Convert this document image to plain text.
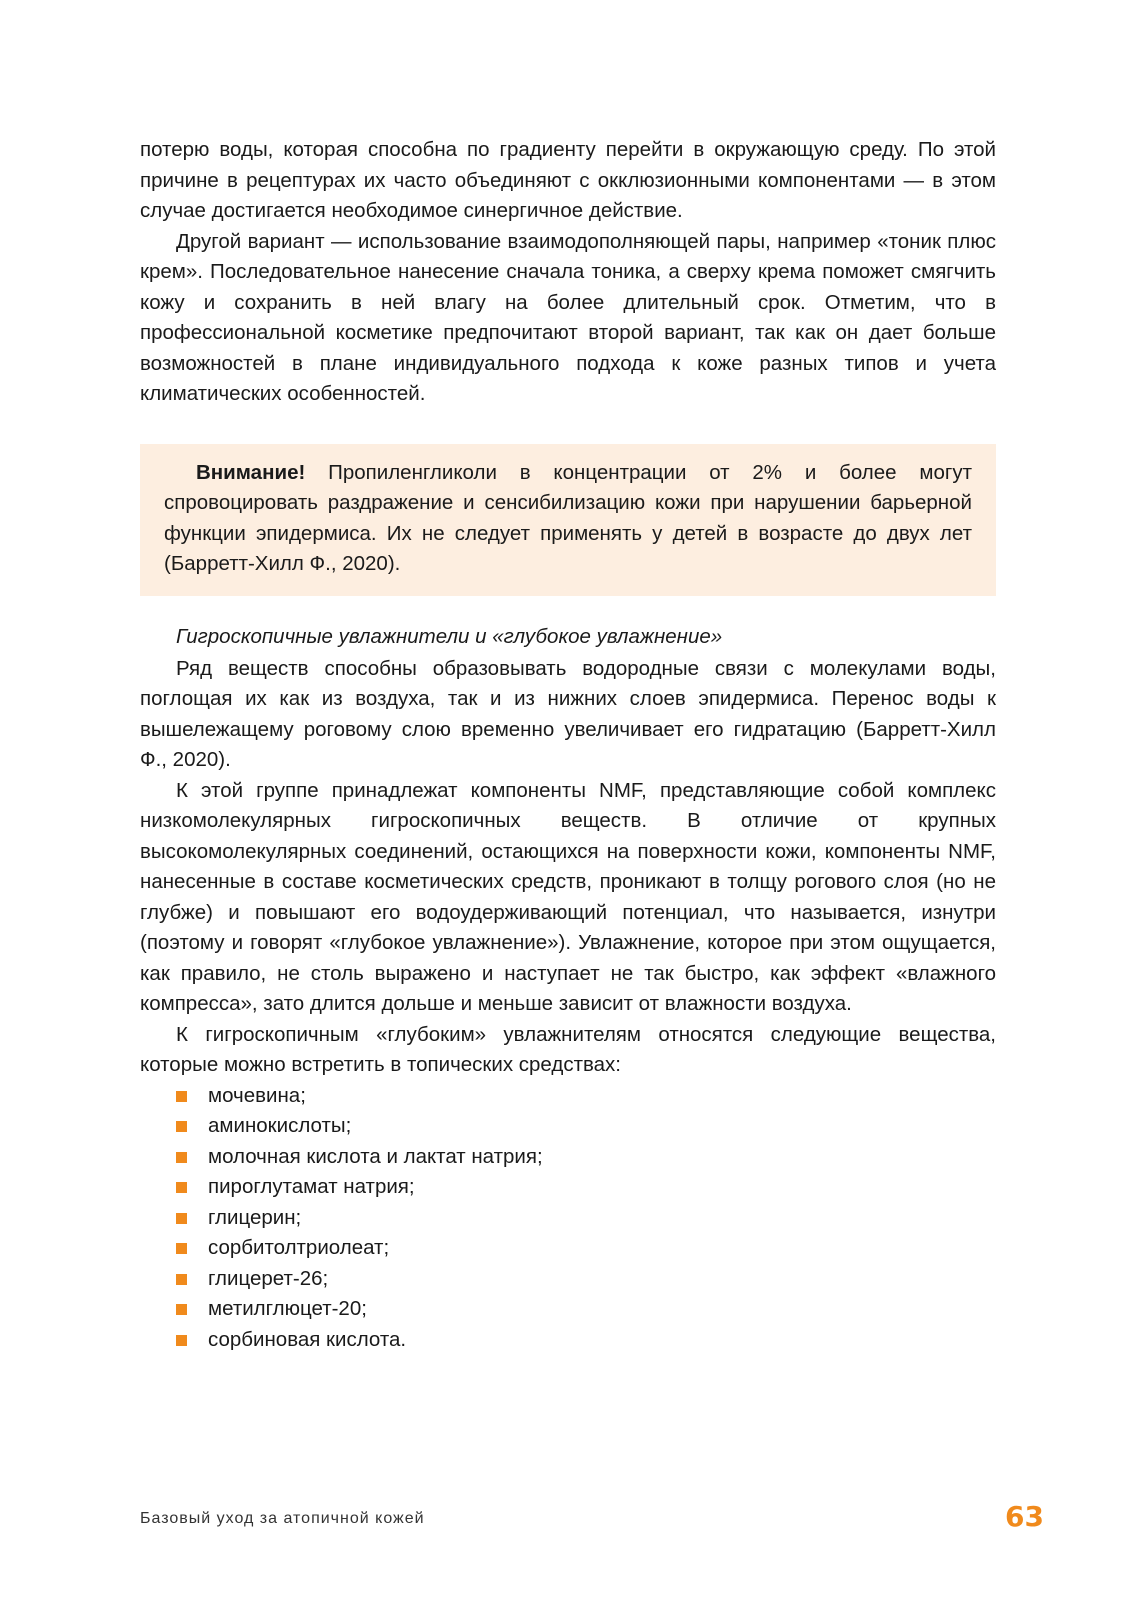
потерю воды, которая способна по градиенту перейти в окружающую среду. По этой причине в рецептурах их часто объединяют с окклюзионными компонентами — в этом случае достигается необходимое синергичное действие.

Другой вариант — использование взаимодополняющей пары, например «тоник плюс крем». Последовательное нанесение сначала тоника, а сверху крема поможет смягчить кожу и сохранить в ней влагу на более длительный срок. Отметим, что в профессиональной косметике предпочитают второй вариант, так как он дает больше возможностей в плане индивидуального подхода к коже разных типов и учета климатических особенностей.

Внимание! Пропиленгликоли в концентрации от 2% и более могут спровоцировать раздражение и сенсибилизацию кожи при нарушении барьерной функции эпидермиса. Их не следует применять у детей в возрасте до двух лет (Барретт-Хилл Ф., 2020).

Гигроскопичные увлажнители и «глубокое увлажнение»

Ряд веществ способны образовывать водородные связи с молекулами воды, поглощая их как из воздуха, так и из нижних слоев эпидермиса. Перенос воды к вышележащему роговому слою временно увеличивает его гидратацию (Барретт-Хилл Ф., 2020).

К этой группе принадлежат компоненты NMF, представляющие собой комплекс низкомолекулярных гигроскопичных веществ. В отличие от крупных высокомолекулярных соединений, остающихся на поверхности кожи, компоненты NMF, нанесенные в составе косметических средств, проникают в толщу рогового слоя (но не глубже) и повышают его водоудерживающий потенциал, что называется, изнутри (поэтому и говорят «глубокое увлажнение»). Увлажнение, которое при этом ощущается, как правило, не столь выражено и наступает не так быстро, как эффект «влажного компресса», зато длится дольше и меньше зависит от влажности воздуха.

К гигроскопичным «глубоким» увлажнителям относятся следующие вещества, которые можно встретить в топических средствах:

мочевина;
аминокислоты;
молочная кислота и лактат натрия;
пироглутамат натрия;
глицерин;
сорбитолтриолеат;
глицерет-26;
метилглюцет-20;
сорбиновая кислота.
Базовый уход за атопичной кожей	63
